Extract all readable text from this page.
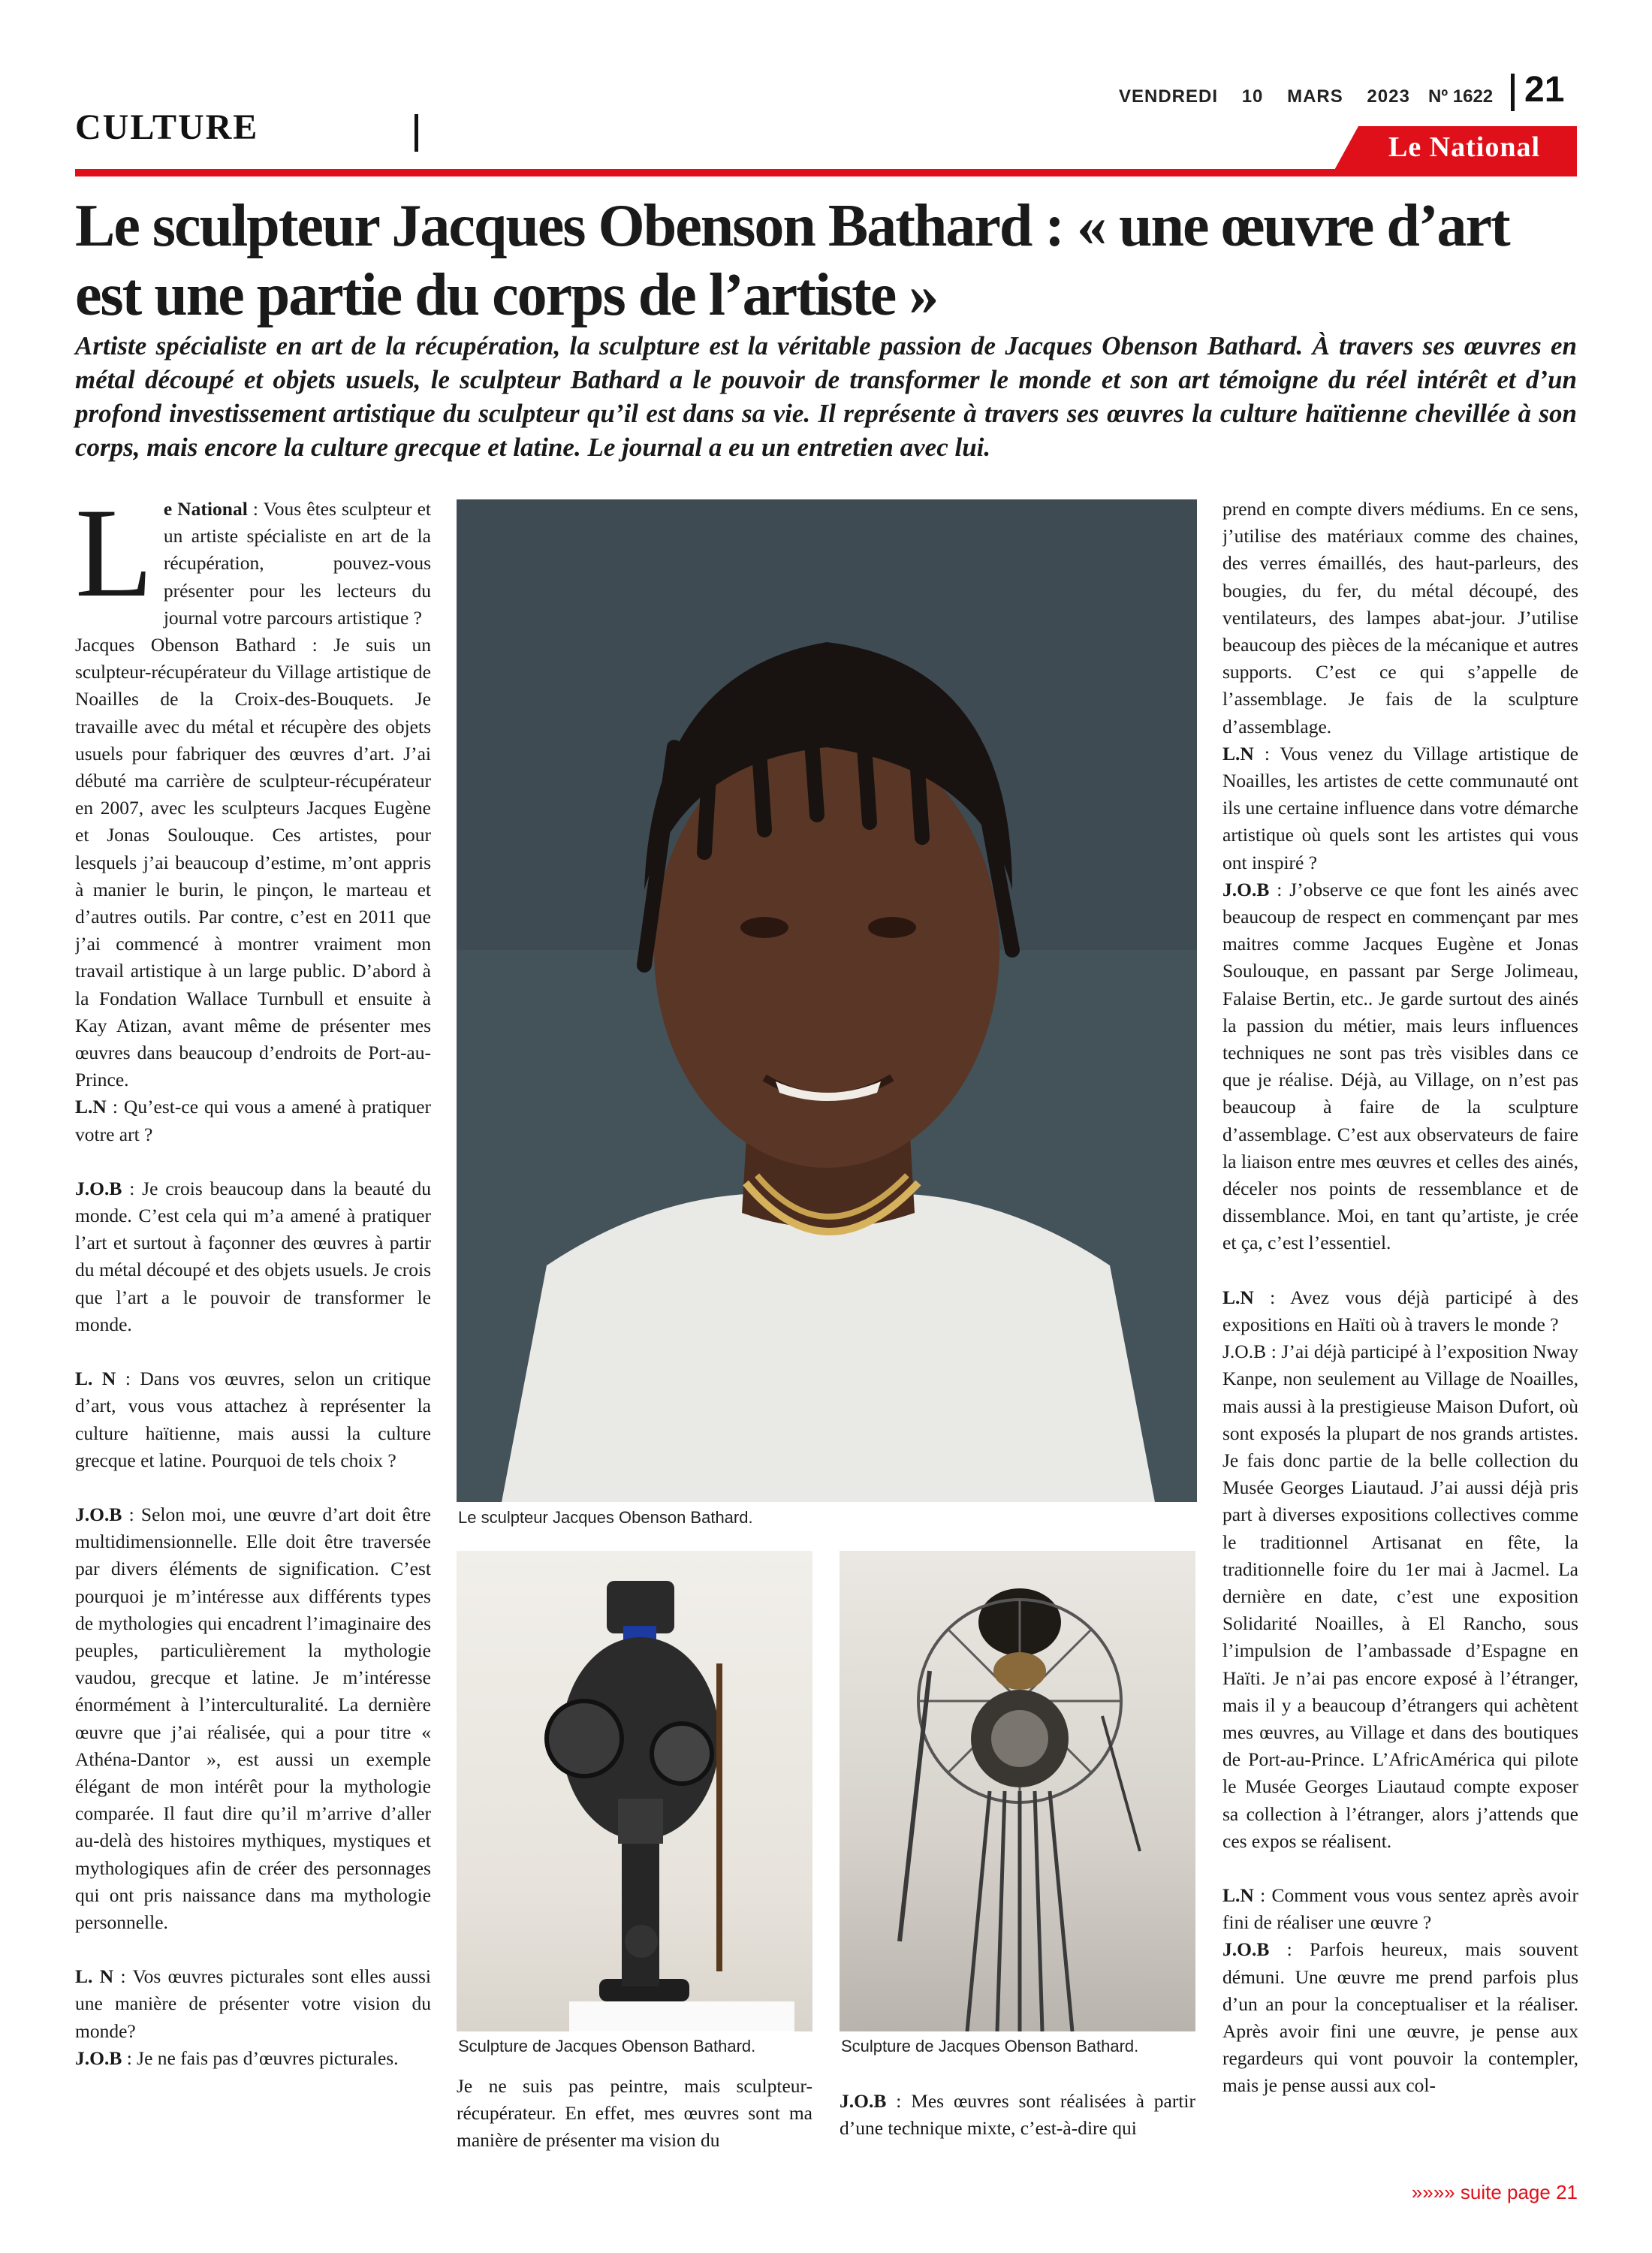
CULTURE
VENDREDI 10 MARS 2023	Nº 1622 21
Le National
Le sculpteur Jacques Obenson Bathard : « une œuvre d’art est une partie du corps de l’artiste »
Artiste spécialiste en art de la récupération, la sculpture est la véritable passion de Jacques Obenson Bathard. À travers ses œuvres en métal découpé et objets usuels, le sculpteur Bathard a le pouvoir de transformer le monde et son art témoigne du réel intérêt et d’un profond investissement artistique du sculpteur qu’il est dans sa vie. Il représente à travers ses œuvres la culture haïtienne chevillée à son corps, mais encore la culture grecque et latine. Le journal a eu un entretien avec lui.
L e National : Vous êtes sculpteur et un artiste spécialiste en art de la récupération, pouvez-vous présenter pour les lecteurs du journal votre parcours artistique ?

Jacques Obenson Bathard : Je suis un sculpteur-récupérateur du Village artistique de Noailles de la Croix-des-Bouquets. Je travaille avec du métal et récupère des objets usuels pour fabriquer des œuvres d’art. J’ai débuté ma carrière de sculpteur-récupérateur en 2007, avec les sculpteurs Jacques Eugène et Jonas Soulouque. Ces artistes, pour lesquels j’ai beaucoup d’estime, m’ont appris à manier le burin, le pinçon, le marteau et d’autres outils. Par contre, c’est en 2011 que j’ai commencé à montrer vraiment mon travail artistique à un large public. D’abord à la Fondation Wallace Turnbull et ensuite à Kay Atizan, avant même de présenter mes œuvres dans beaucoup d’endroits de Port-au-Prince.

L.N : Qu’est-ce qui vous a amené à pratiquer votre art ?

J.O.B : Je crois beaucoup dans la beauté du monde. C’est cela qui m’a amené à pratiquer l’art et surtout à façonner des œuvres à partir du métal découpé et des objets usuels. Je crois que l’art a le pouvoir de transformer le monde.

L. N : Dans vos œuvres, selon un critique d’art, vous vous attachez à représenter la culture haïtienne, mais aussi la culture grecque et latine. Pourquoi de tels choix ?

J.O.B : Selon moi, une œuvre d’art doit être multidimensionnelle. Elle doit être traversée par divers éléments de signification. C’est pourquoi je m’intéresse aux différents types de mythologies qui encadrent l’imaginaire des peuples, particulièrement la mythologie vaudou, grecque et latine. Je m’intéresse énormément à l’interculturalité. La dernière œuvre que j’ai réalisée, qui a pour titre « Athéna-Dantor », est aussi un exemple élégant de mon intérêt pour la mythologie comparée. Il faut dire qu’il m’arrive d’aller au-delà des histoires mythiques, mystiques et mythologiques afin de créer des personnages qui ont pris naissance dans ma mythologie personnelle.

L. N : Vos œuvres picturales sont elles aussi une manière de présenter votre vision du monde?

J.O.B : Je ne fais pas d’œuvres picturales.

Le sculpteur Jacques Obenson Bathard.
Sculpture de Jacques Obenson Bathard.	Sculpture de Jacques Obenson Bathard.

Je ne suis pas peintre, mais sculpteur-récupérateur. En effet, mes œuvres sont ma manière de présenter ma vision du

J.O.B : Mes œuvres sont réalisées à partir d’une technique mixte, c’est-à-dire qui

prend en compte divers médiums. En ce sens, j’utilise des matériaux comme des chaines, des verres émaillés, des haut-parleurs, des bougies, du fer, du métal découpé, des ventilateurs, des lampes abat-jour. J’utilise beaucoup des pièces de la mécanique et autres supports. C’est ce qui s’appelle de l’assemblage. Je fais de la sculpture d’assemblage.

L.N : Vous venez du Village artistique de Noailles, les artistes de cette communauté ont ils une certaine influence dans votre démarche artistique où quels sont les artistes qui vous ont inspiré ?

J.O.B : J’observe ce que font les ainés avec beaucoup de respect en commençant par mes maitres comme Jacques Eugène et Jonas Soulouque, en passant par Serge Jolimeau, Falaise Bertin, etc.. Je garde surtout des ainés la passion du métier, mais leurs influences techniques ne sont pas très visibles dans ce que je réalise. Déjà, au Village, on n’est pas beaucoup à faire de la sculpture d’assemblage. C’est aux observateurs de faire la liaison entre mes œuvres et celles des ainés, déceler nos points de ressemblance et de dissemblance. Moi, en tant qu’artiste, je crée et ça, c’est l’essentiel.

L.N : Avez vous déjà participé à des expositions en Haïti où à travers le monde ?

J.O.B : J’ai déjà participé à l’exposition Nway Kanpe, non seulement au Village de Noailles, mais aussi à la prestigieuse Maison Dufort, où sont exposés la plupart de nos grands artistes. Je fais donc partie de la belle collection du Musée Georges Liautaud. J’ai aussi déjà pris part à diverses expositions collectives comme le traditionnel Artisanat en fête, la traditionnelle foire du 1er mai à Jacmel. La dernière en date, c’est une exposition Solidarité Noailles, à El Rancho, sous l’impulsion de l’ambassade d’Espagne en Haïti. Je n’ai pas encore exposé à l’étranger, mais il y a beaucoup d’étrangers qui achètent mes œuvres, au Village et dans des boutiques de Port-au-Prince. L’AfricAmérica qui pilote le Musée Georges Liautaud compte exposer sa collection à l’étranger, alors j’attends que ces expos se réalisent.

L.N : Comment vous vous sentez après avoir fini de réaliser une œuvre ?

J.O.B : Parfois heureux, mais souvent démuni. Une œuvre me prend parfois plus d’un an pour la conceptualiser et la réaliser. Après avoir fini une œuvre, je pense aux regardeurs qui vont pouvoir la contempler, mais je pense aussi aux col-

»»»» suite page 21
